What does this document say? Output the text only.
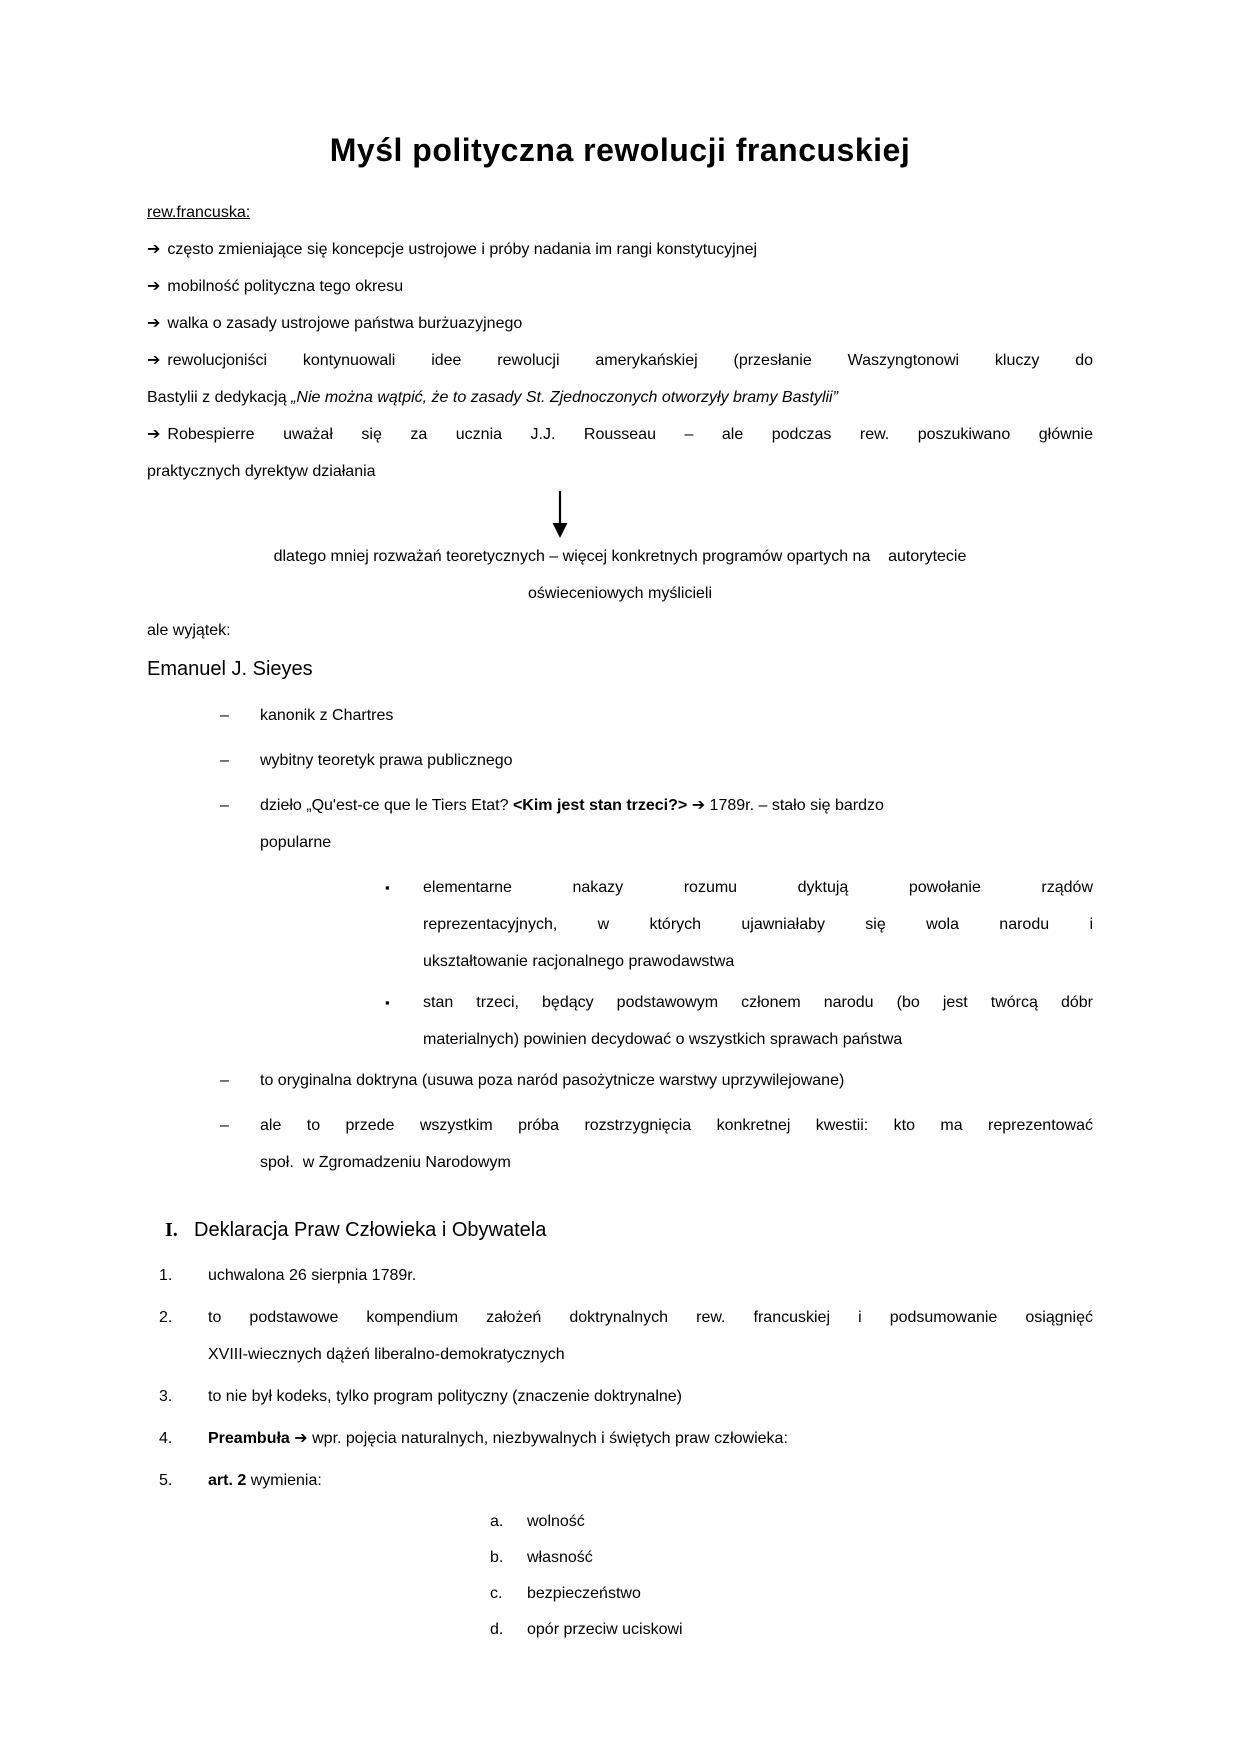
Myśl polityczna rewolucji francuskiej

rew.francuska:

➔ często zmieniające się koncepcje ustrojowe i próby nadania im rangi konstytucyjnej

➔ mobilność polityczna tego okresu

➔ walka o zasady ustrojowe państwa burżuazyjnego

➔ rewolucjoniści kontynuowali idee rewolucji amerykańskiej (przesłanie Waszyngtonowi kluczy do

Bastylii z dedykacją „Nie można wątpić, że to zasady St. Zjednoczonych otworzyły bramy Bastylii”

➔ Robespierre uważał się za ucznia J.J. Rousseau – ale podczas rew. poszukiwano głównie

praktycznych dyrektyw działania

dlatego mniej rozważań teoretycznych – więcej konkretnych programów opartych na    autorytecie

oświeceniowych myślicieli

ale wyjątek:

Emanuel J. Sieyes
–	kanonik z Chartres

–	wybitny teoretyk prawa publicznego

–	dzieło „Qu'est-ce que le Tiers Etat? <Kim jest stan trzeci?> ➔ 1789r. – stało się bardzo

popularne

▪	elementarne nakazy rozumu dyktują powołanie rządów

reprezentacyjnych, w których ujawniałaby się wola narodu i

ukształtowanie racjonalnego prawodawstwa

▪	stan trzeci, będący podstawowym członem narodu (bo jest twórcą dóbr

materialnych) powinien decydować o wszystkich sprawach państwa

–	to oryginalna doktryna (usuwa poza naród pasożytnicze warstwy uprzywilejowane)

–	ale to przede wszystkim próba rozstrzygnięcia konkretnej kwestii: kto ma reprezentować

społ.  w Zgromadzeniu Narodowym

I. Deklaracja Praw Człowieka i Obywatela
1.	uchwalona 26 sierpnia 1789r.

2.	to podstawowe kompendium założeń doktrynalnych rew. francuskiej i podsumowanie osiągnięć

XVIII-wiecznych dążeń liberalno-demokratycznych

3.	to nie był kodeks, tylko program polityczny (znaczenie doktrynalne)

4.	Preambuła ➔ wpr. pojęcia naturalnych, niezbywalnych i świętych praw człowieka:

5.	art. 2 wymienia:

a.	wolność

b.	własność

c.	bezpieczeństwo

d.	opór przeciw uciskowi
